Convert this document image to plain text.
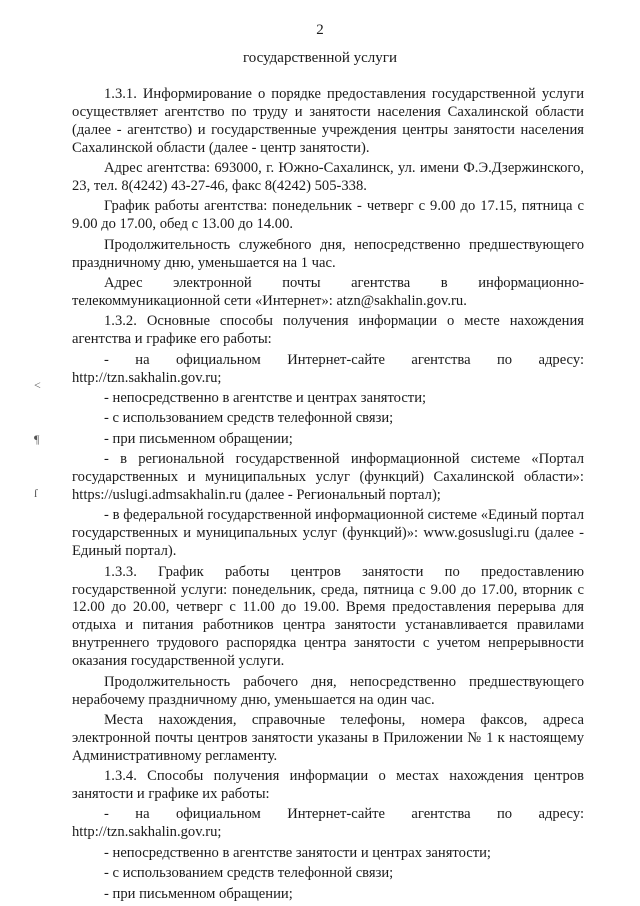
2
государственной услуги
<
¶
ſ

1.3.1. Информирование о порядке предоставления государственной услуги осуществляет агентство по труду и занятости населения Сахалинской области (далее - агентство) и государственные учреждения центры занятости населения Сахалинской области (далее - центр занятости).

Адрес агентства: 693000, г. Южно-Сахалинск, ул. имени Ф.Э.Дзержинского, 23, тел. 8(4242) 43-27-46, факс 8(4242) 505-338.

График работы агентства: понедельник - четверг с 9.00 до 17.15, пятница с 9.00 до 17.00, обед с 13.00 до 14.00.

Продолжительность служебного дня, непосредственно предшествующего праздничному дню, уменьшается на 1 час.

Адрес электронной почты агентства в информационно-телекоммуникационной сети «Интернет»: atzn@sakhalin.gov.ru.

1.3.2. Основные способы получения информации о месте нахождения агентства и графике его работы:

- на официальном Интернет-сайте агентства по адресу: http://tzn.sakhalin.gov.ru;

- непосредственно в агентстве и центрах занятости;

- с использованием средств телефонной связи;

- при письменном обращении;

- в региональной государственной информационной системе «Портал государственных и муниципальных услуг (функций) Сахалинской области»: https://uslugi.admsakhalin.ru (далее - Региональный портал);

- в федеральной государственной информационной системе «Единый портал государственных и муниципальных услуг (функций)»: www.gosuslugi.ru (далее - Единый портал).

1.3.3. График работы центров занятости по предоставлению государственной услуги: понедельник, среда, пятница с 9.00 до 17.00, вторник с 12.00 до 20.00, четверг с 11.00 до 19.00. Время предоставления перерыва для отдыха и питания работников центра занятости устанавливается правилами внутреннего трудового распорядка центра занятости с учетом непрерывности оказания государственной услуги.

Продолжительность рабочего дня, непосредственно предшествующего нерабочему праздничному дню, уменьшается на один час.

Места нахождения, справочные телефоны, номера факсов, адреса электронной почты центров занятости указаны в Приложении № 1 к настоящему Административному регламенту.

1.3.4. Способы получения информации о местах нахождения центров занятости и графике их работы:

- на официальном Интернет-сайте агентства по адресу: http://tzn.sakhalin.gov.ru;

- непосредственно в агентстве занятости и центрах занятости;

- с использованием средств телефонной связи;

- при письменном обращении;
